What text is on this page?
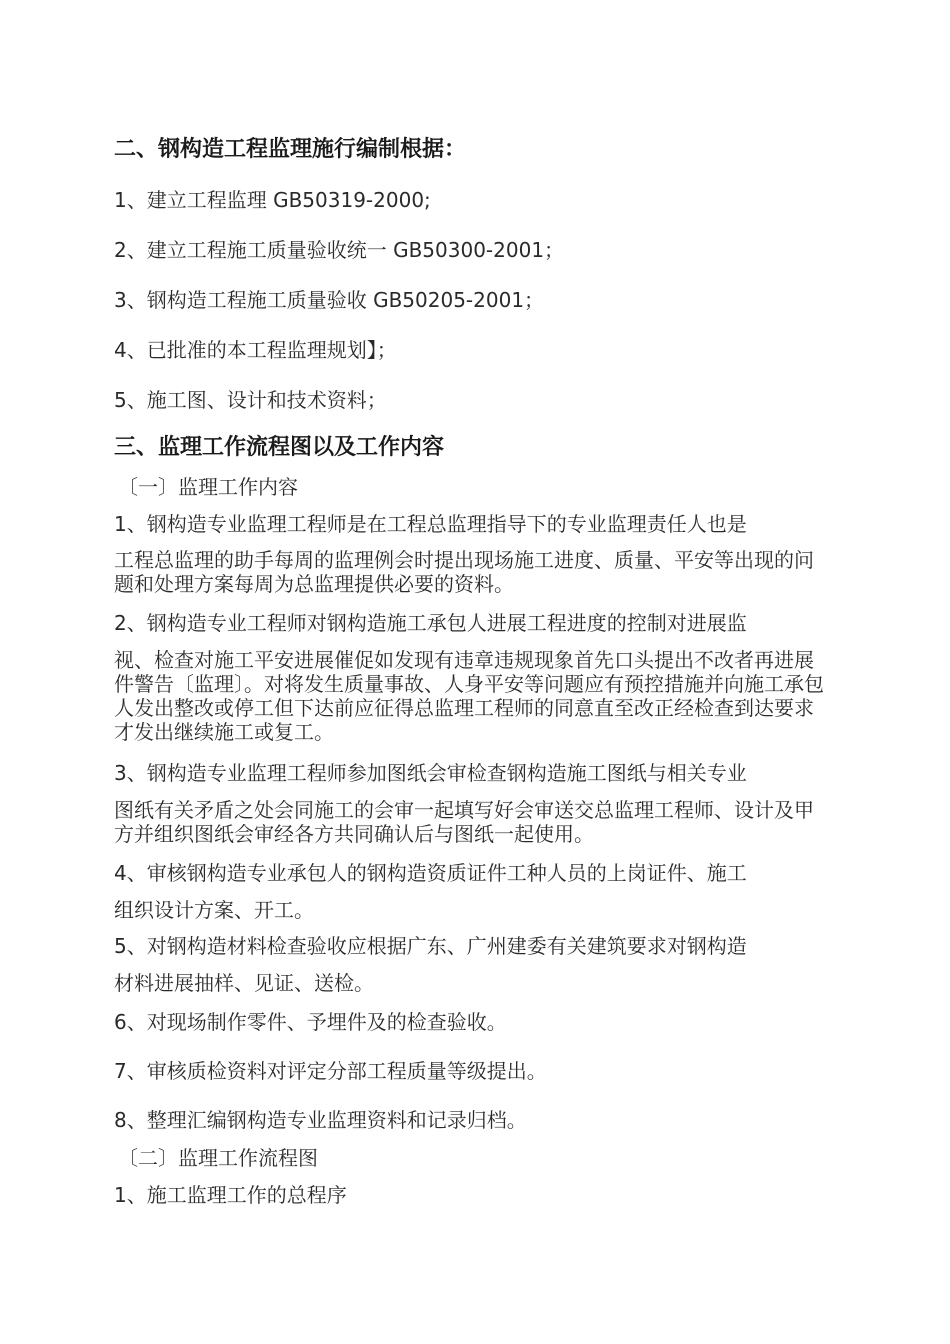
二、钢构造工程监理施行编制根据：
1、建立工程监理 GB50319-2000;
2、建立工程施工质量验收统一 GB50300-2001；
3、钢构造工程施工质量验收 GB50205-2001；
4、已批准的本工程监理规划】；
5、施工图、设计和技术资料；
三、监理工作流程图以及工作内容
〔一〕监理工作内容
1、钢构造专业监理工程师是在工程总监理指导下的专业监理责任人也是
工程总监理的助手每周的监理例会时提出现场施工进度、质量、平安等出现的问题和处理方案每周为总监理提供必要的资料。
2、钢构造专业工程师对钢构造施工承包人进展工程进度的控制对进展监
视、检查对施工平安进展催促如发现有违章违规现象首先口头提出不改者再进展件警告〔监理〕。对将发生质量事故、人身平安等问题应有预控措施并向施工承包人发出整改或停工但下达前应征得总监理工程师的同意直至改正经检查到达要求才发出继续施工或复工。
3、钢构造专业监理工程师参加图纸会审检查钢构造施工图纸与相关专业
图纸有关矛盾之处会同施工的会审一起填写好会审送交总监理工程师、设计及甲方并组织图纸会审经各方共同确认后与图纸一起使用。
4、审核钢构造专业承包人的钢构造资质证件工种人员的上岗证件、施工
组织设计方案、开工。
5、对钢构造材料检查验收应根据广东、广州建委有关建筑要求对钢构造
材料进展抽样、见证、送检。
6、对现场制作零件、予埋件及的检查验收。
7、审核质检资料对评定分部工程质量等级提出。
8、整理汇编钢构造专业监理资料和记录归档。
〔二〕监理工作流程图
1、施工监理工作的总程序
